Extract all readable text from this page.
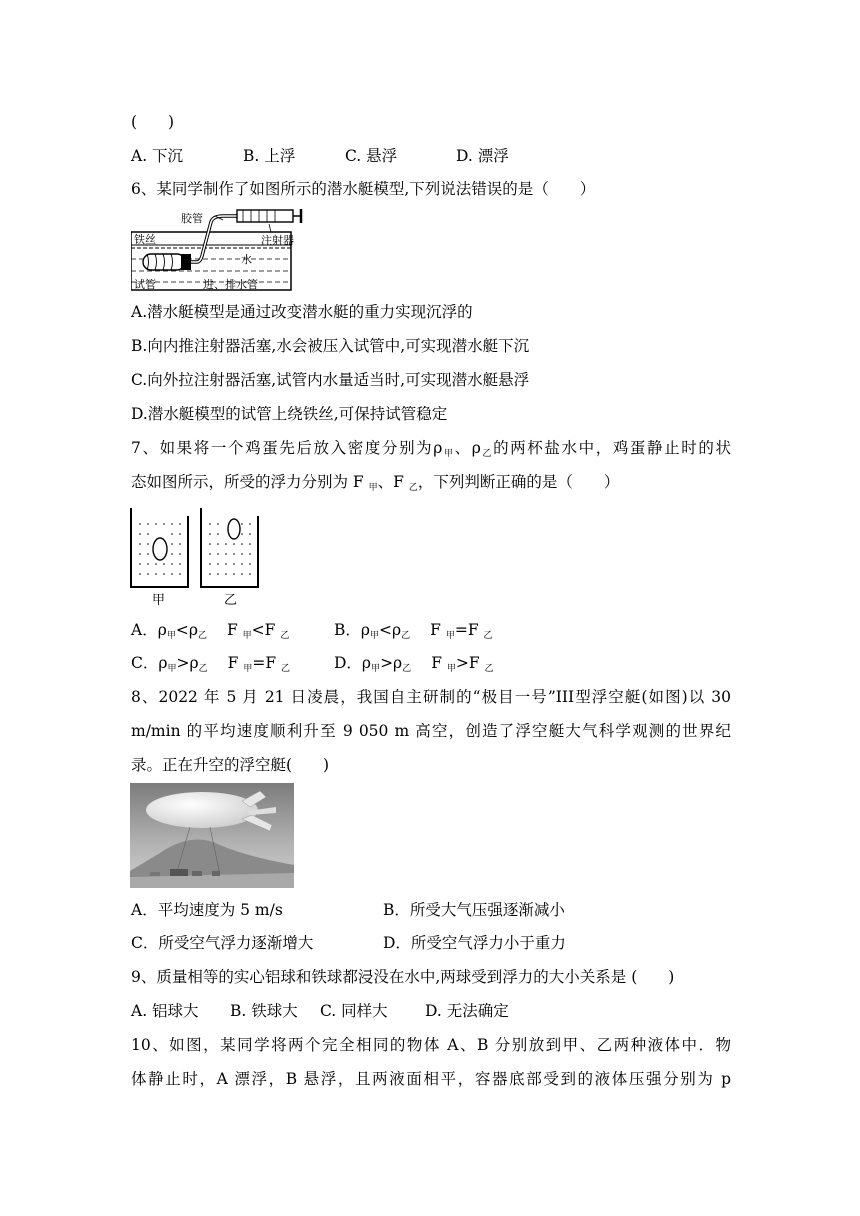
(　　)
A. 下沉	B. 上浮	C. 悬浮	D. 漂浮
6、某同学制作了如图所示的潜水艇模型,下列说法错误的是（　　）
胶管
注射器
铁丝
水
试管	进、排水管
A.潜水艇模型是通过改变潜水艇的重力实现沉浮的
B.向内推注射器活塞,水会被压入试管中,可实现潜水艇下沉
C.向外拉注射器活塞,试管内水量适当时,可实现潜水艇悬浮
D.潜水艇模型的试管上绕铁丝,可保持试管稳定
7、如果将一个鸡蛋先后放入密度分别为$\rho_甲$、$\rho_乙$的两杯盐水中，鸡蛋静止时的状
态如图所示，所受的浮力分别为 F $_甲$、F $_乙$，下列判断正确的是（　　）
甲	乙
A．$\rho_甲<\rho_乙$ F $_甲$<F $_乙$	B．$\rho_甲<\rho_乙$ F $_甲$=F $_乙$
C．$\rho_甲>\rho_乙$ F $_甲$=F $_乙$	D．$\rho_甲>\rho_乙$ F $_甲$>F $_乙$
8、2022 年 5 月 21 日凌晨，我国自主研制的“极目一号”III型浮空艇(如图)以 30
m/min 的平均速度顺利升至 9 050 m 高空，创造了浮空艇大气科学观测的世界纪
录。正在升空的浮空艇(　　)
A．平均速度为 5 m/s	B．所受大气压强逐渐减小
C．所受空气浮力逐渐增大	D．所受空气浮力小于重力
9、质量相等的实心铝球和铁球都浸没在水中,两球受到浮力的大小关系是 (　　)
A. 铝球大 B. 铁球大 C. 同样大 D. 无法确定
10、如图，某同学将两个完全相同的物体 A、B 分别放到甲、乙两种液体中．物
体静止时，A 漂浮，B 悬浮，且两液面相平，容器底部受到的液体压强分别为 p
